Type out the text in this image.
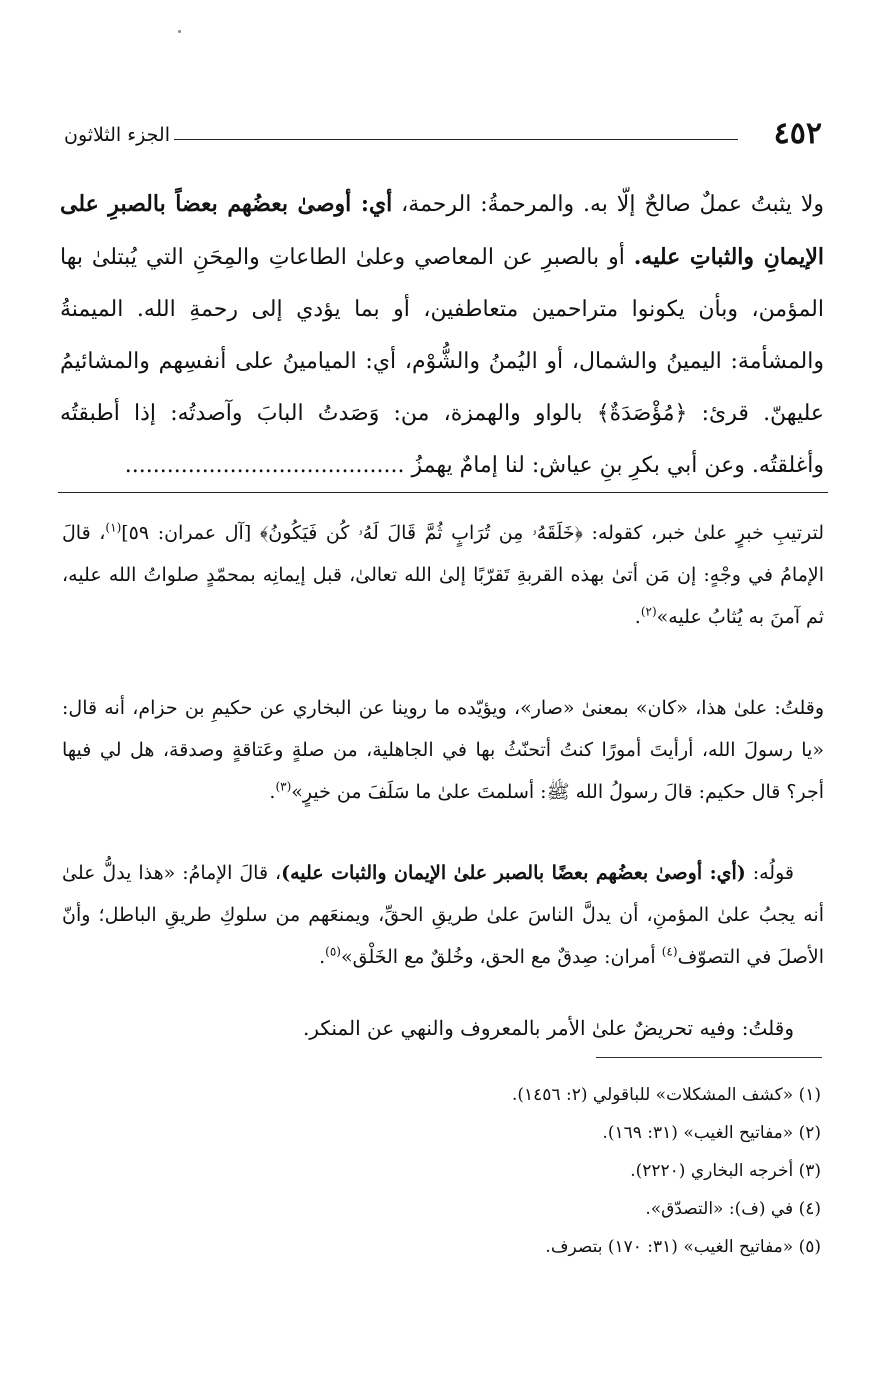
٤٥٢
الجزء الثلاثون
ولا يثبتُ عملٌ صالحٌ إلّا به. والمرحمةُ: الرحمة، أي: أوصىٰ بعضُهم بعضاً بالصبرِ على الإيمانِ والثباتِ عليه. أو بالصبرِ عن المعاصي وعلىٰ الطاعاتِ والمِحَنِ التي يُبتلىٰ بها المؤمن، وبأن يكونوا متراحمين متعاطفين، أو بما يؤدي إلى رحمةِ الله. الميمنةُ والمشأمة: اليمينُ والشمال، أو اليُمنُ والشُّوْم، أي: الميامينُ على أنفسِهم والمشائيمُ عليهنّ. قرئ: ﴿مُؤْصَدَةٌ﴾ بالواو والهمزة، من: وَصَدتُ البابَ وآصدتُه: إذا أطبقتُه وأغلقتُه. وعن أبي بكرِ بنِ عياش: لنا إمامٌ يهمزُ ........................................
لترتيبِ خبرٍ علىٰ خبر، كقوله: ﴿خَلَقَهُۥ مِن تُرَابٍ ثُمَّ قَالَ لَهُۥ كُن فَيَكُونُ﴾ [آل عمران: ٥٩]$^{(١)}$، قالَ الإمامُ في وجْهٍ: إن مَن أتىٰ بهذه القربةِ تَقرّبًا إلىٰ الله تعالىٰ، قبل إيمانِه بمحمّدٍ صلواتُ الله عليه، ثم آمنَ به يُثابُ عليه»$^{(٢)}$.
وقلتُ: علىٰ هذا، «كان» بمعنىٰ «صار»، ويؤيّده ما روينا عن البخاري عن حكيمِ بن حزام، أنه قال: «يا رسولَ الله، أرأيتَ أمورًا كنتُ أتحنّثُ بها في الجاهلية، من صلةٍ وعَتاقةٍ وصدقة، هل لي فيها أجر؟ قال حكيم: قالَ رسولُ الله ﷺ: أسلمتَ علىٰ ما سَلَفَ من خيرٍ»$^{(٣)}$.
قولُه: (أي: أوصىٰ بعضُهم بعضًا بالصبر علىٰ الإيمان والثبات عليه)، قالَ الإمامُ: «هذا يدلُّ علىٰ أنه يجبُ علىٰ المؤمنِ، أن يدلَّ الناسَ علىٰ طريقِ الحقِّ، ويمنعَهم من سلوكِ طريقِ الباطل؛ وأنّ الأصلَ في التصوّف$^{(٤)}$ أمران: صِدقٌ مع الحق، وخُلقٌ مع الخَلْق»$^{(٥)}$.
وقلتُ: وفيه تحريضٌ علىٰ الأمر بالمعروف والنهي عن المنكر.
(١) «كشف المشكلات» للباقولي (٢: ١٤٥٦).
(٢) «مفاتيح الغيب» (٣١: ١٦٩).
(٣) أخرجه البخاري (٢٢٢٠).
(٤) في (ف): «التصدّق».
(٥) «مفاتيح الغيب» (٣١: ١٧٠) بتصرف.
